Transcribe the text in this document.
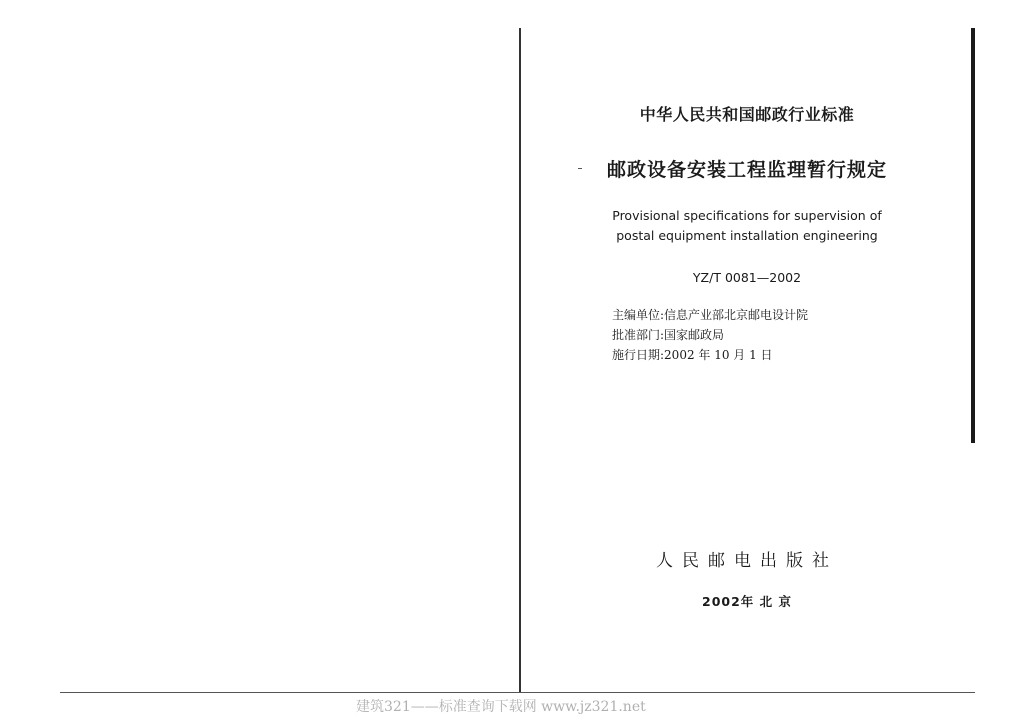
中华人民共和国邮政行业标准
邮政设备安装工程监理暂行规定
Provisional specifications for supervision of
postal equipment installation engineering
YZ/T 0081—2002
主编单位:信息产业部北京邮电设计院
批准部门:国家邮政局
施行日期:2002 年 10 月 1 日
人民邮电出版社
2002年 北 京
建筑321——标准查询下载网 www.jz321.net
